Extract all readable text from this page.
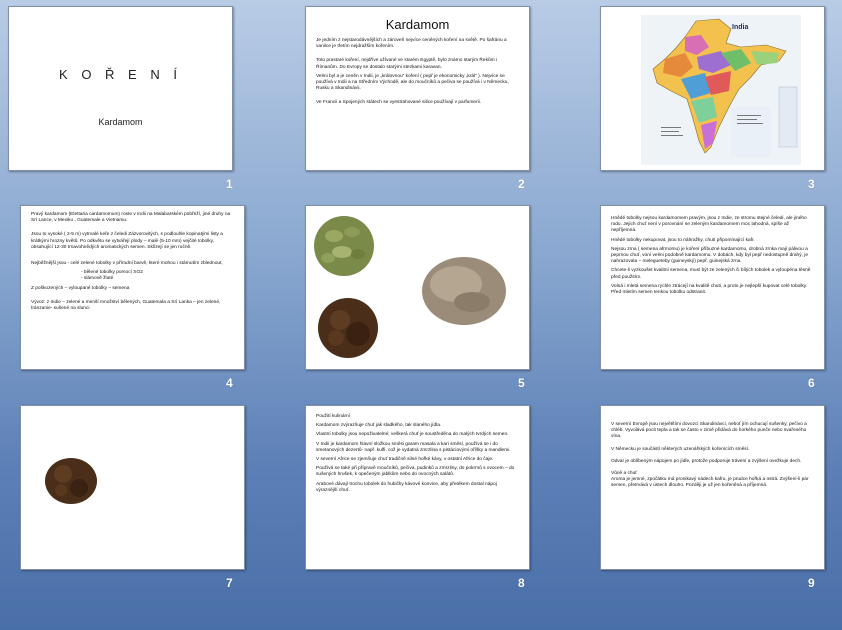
K O Ř E N Í
Kardamom
1
Kardamom

Je jedním z nejstarodávnějších a zároveň nejvíce ceněných koření na světě. Po šafránu a vanilce je třetím nejdražším kořením.

Toto prastaré koření, nejdříve užívané ve starém Egyptě, bylo známo starým Řekům i Římanům. Do Evropy se dostalo starými stezkami karavan.

Velmi byl a je ceněn v Indii, je „královnou“ koření ( pepř je ekonomicky „král“ ). Nejvíce se používá v Indii a na Středním Východě, ale do moučníků a pečiva se používá i v Německu, Rusku a Skandinávii.

Ve Francii a Spojených státech se vyestrahované silice používají v parfumerii.

2
India
3

Pravý kardamom (Elettaria cardamomum) roste v Indii na Malabarském pobřeží, jiné druhy na Srí Lance, v Mexiku , Guatemale a Vietnamu.

Jsou to vysoké ( 2-5 m) vytrvalé keře z čeledi Zázvorovitých, s podlouhle kopinatými listy a krátkými hrozny květů. Po odkvětu se vytvářejí plody – malé (5-10 mm) vejčité tobolky, obsahující 12-30 trnavohnědých aromatických semen. Sklízejí se jen ručně.

Nejběžnější jsou - celé zelené tobolky v přírodní barvě, které mohou i stárnutím zblednout,

- bělené tobolky pomocí SO2

- slámově žluté

Z poškozených – vyloupané tobolky – semena

Vývoz: z Indie – zelené a menší množství bělených, Guatemala a Srí Lanka – jen zelené, Íránzanie- sušené na slunci

4	5

Hnědé tobolky nejsou kardamomem pravým, jsou z Indie, ze stromu stejné čeledi, ale jiného rodu. Jejich chuť není v porovnání se zeleným kardamomem moc lahodná, spíše až nepříjemná.

Hnědé tobolky nekupovat, jsou to náhražky, chutí připomínající kafr.

Nejsou zrna ( semena afrmomu) je koření příbuzné kardamomu, drobná zrnka mají pálivou a peprnou chuť, voní velmi podobně kardamomu. V dobách, kdy byl pepř nedostupně drahý, je nahrazovala – melegueteby (guineyský) pepř, guinejská zrna.

Chcete-li vyzkoušet kvalitní semena, musí být ze zelených či bílých tobolek a vyloupéna těsně před použitím.

Volná i mletá semena rychle ztrácejí na kvalitě chuti, a proto je nejlepší kupovat celé tobolky. Před mletím semen tenkou tobolku odstranit.

6
7

Použití kulinární

Kardamom zvýrazňuje chuť jak sladkého, tak slaného jídla.

Vlastní tobolky jsou nepoživatelné; veškerá chuť je soustředěna do malých tvrdých semen.

V Indii je kardamom hlavní složkou směsi garam masala a kari směsí, používá se i do smetanových dezertů- např. kulfi, což je vydatná zmrzlina s pistáciovými oříšky a mandlemi.

V severní Africe se zjemňuje chuť tradičně silné hořké kávy, v ostatní Africe do čaje.

Používá se také při přípravě moučníků, pečiva, pudinků a zmrzliny, do pokrmů s ovocem – do sušených hrušek, k opečeným jablkům nebo do ovocných salátů.

Arabové dávají trochu tobolek do hubičky kávové konvice, aby přetékem dostal nápoj výraznější chuť.

8

V severní Evropě jsou největšími dovozci Skandinávci, neboť jím ochucují sušenky, pečivo a chléb. Vyvolává pocit tepla a tak se často v zimě přidává do horkého punče nebo svařeného vína.

V Německu je součástí některých uzenářských kořenících směsí.

Odvar je oblíbeným nápojem po jídle, protože podporuje trávení a zvýšení ovežkuje dech.

Vůně a chuť

Aroma je jemné, zpočátku má pronikavý nádech kafru, je prudce hořká a ostrá. Zvýšení-li pár semen, přetrvává v ústech dlouho. Později je už jen kořeněná a příjemná.

9
